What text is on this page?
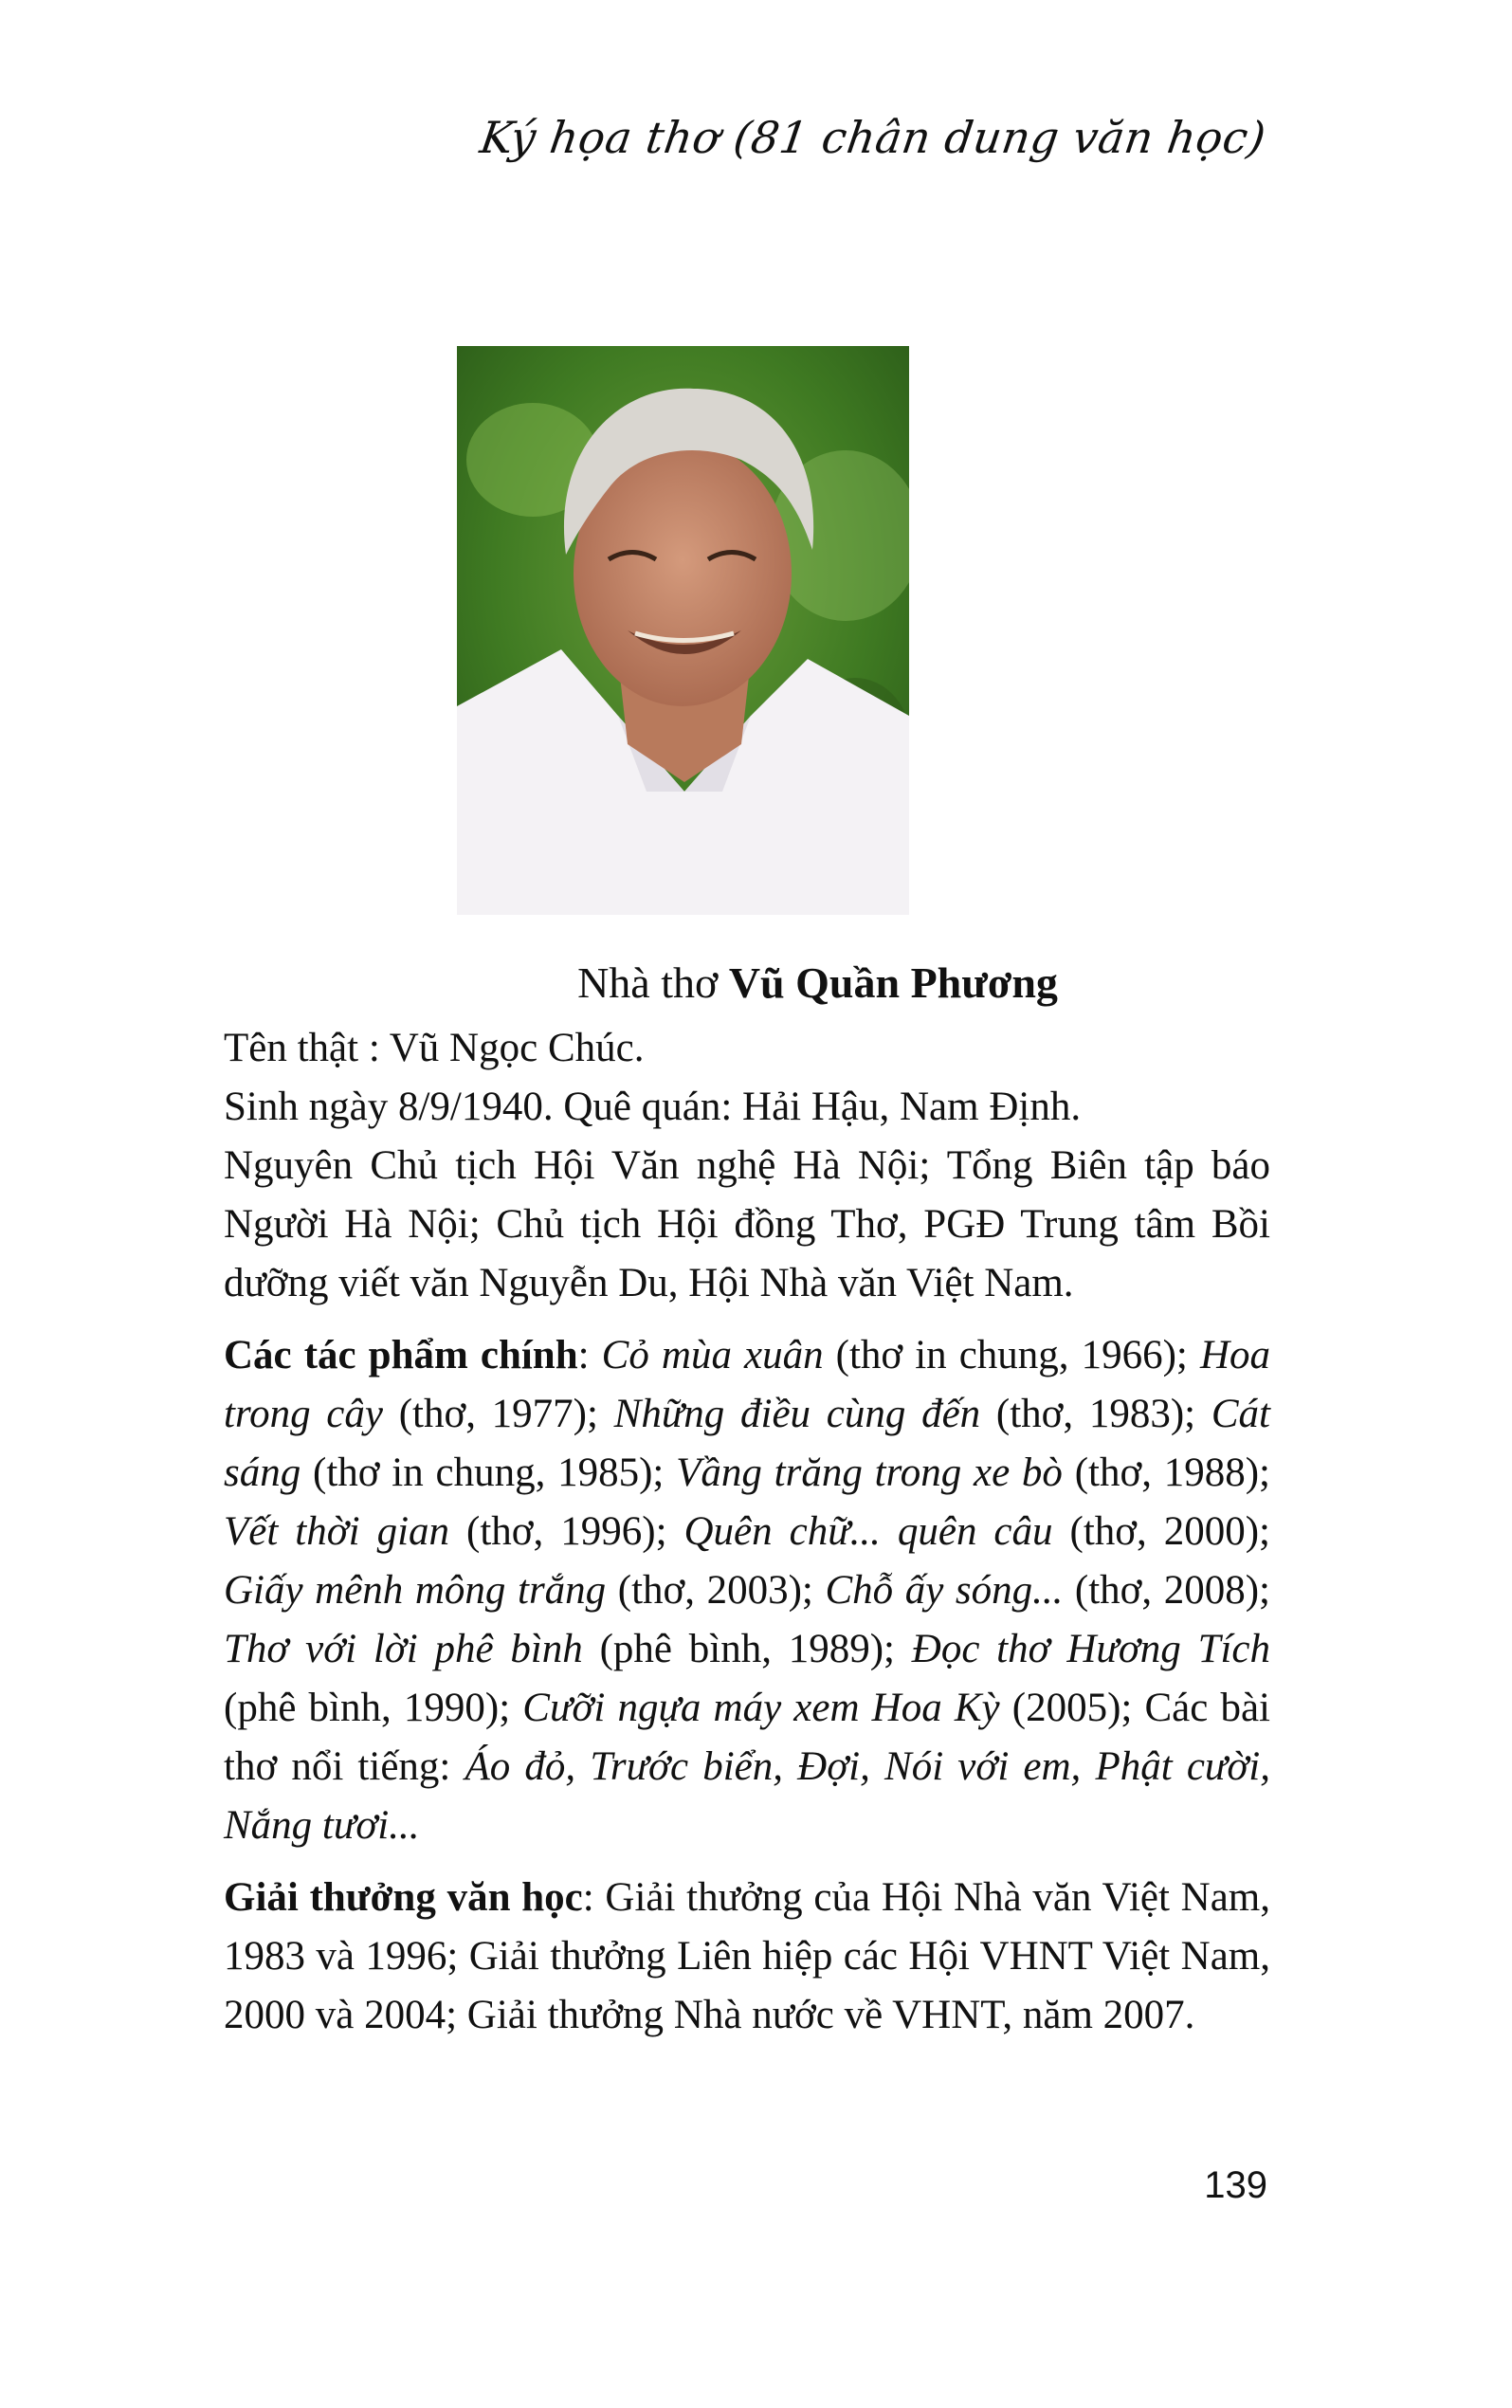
Ký họa thơ (81 chân dung văn học)
Nhà thơ Vũ Quần Phương

Tên thật : Vũ Ngọc Chúc.

Sinh ngày 8/9/1940. Quê quán: Hải Hậu, Nam Định.

Nguyên Chủ tịch Hội Văn nghệ Hà Nội; Tổng Biên tập báo Người Hà Nội; Chủ tịch Hội đồng Thơ, PGĐ Trung tâm Bồi dưỡng viết văn Nguyễn Du, Hội Nhà văn Việt Nam.

Các tác phẩm chính: Cỏ mùa xuân (thơ in chung, 1966); Hoa trong cây (thơ, 1977); Những điều cùng đến (thơ, 1983); Cát sáng (thơ in chung, 1985); Vầng trăng trong xe bò (thơ, 1988); Vết thời gian (thơ, 1996); Quên chữ... quên câu (thơ, 2000); Giấy mênh mông trắng (thơ, 2003); Chỗ ấy sóng... (thơ, 2008); Thơ với lời phê bình (phê bình, 1989); Đọc thơ Hương Tích (phê bình, 1990); Cưỡi ngựa máy xem Hoa Kỳ (2005); Các bài thơ nổi tiếng: Áo đỏ, Trước biển, Đợi, Nói với em, Phật cười, Nắng tươi...

Giải thưởng văn học: Giải thưởng của Hội Nhà văn Việt Nam, 1983 và 1996; Giải thưởng Liên hiệp các Hội VHNT Việt Nam, 2000 và 2004; Giải thưởng Nhà nước về VHNT, năm 2007.

139
